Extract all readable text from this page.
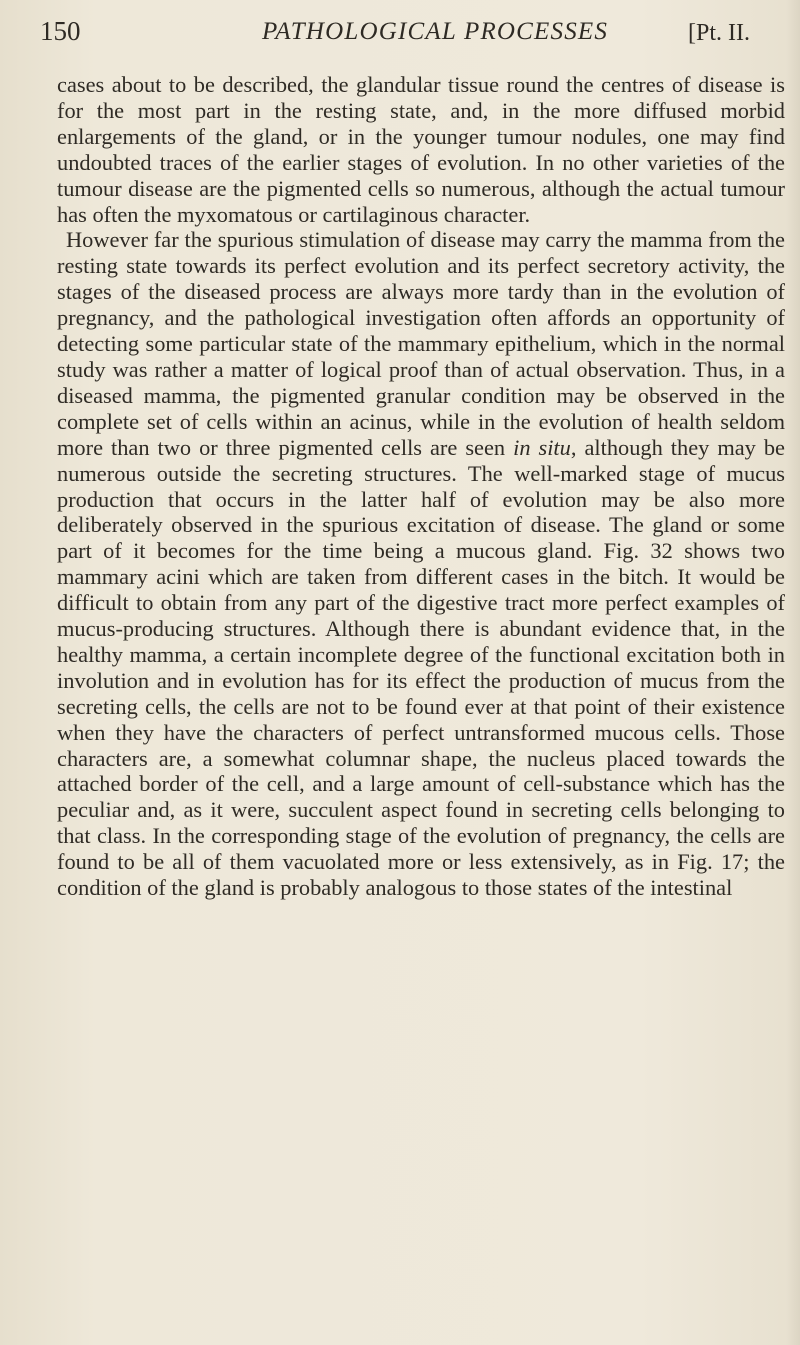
150	PATHOLOGICAL PROCESSES	[Pt. II.

cases about to be described, the glandular tissue round the centres of disease is for the most part in the resting state, and, in the more diffused morbid enlargements of the gland, or in the younger tumour nodules, one may find undoubted traces of the earlier stages of evolution. In no other varieties of the tumour disease are the pigmented cells so numerous, although the actual tumour has often the myxomatous or cartilaginous character.

However far the spurious stimulation of disease may carry the mamma from the resting state towards its perfect evolution and its perfect secretory activity, the stages of the diseased process are always more tardy than in the evolution of pregnancy, and the pathological investigation often affords an opportunity of detecting some particular state of the mammary epithelium, which in the normal study was rather a matter of logical proof than of actual observation. Thus, in a diseased mamma, the pigmented granular condition may be observed in the complete set of cells within an acinus, while in the evolution of health seldom more than two or three pigmented cells are seen in situ, although they may be numerous outside the secreting structures. The well-marked stage of mucus production that occurs in the latter half of evolution may be also more deliberately observed in the spurious excitation of disease. The gland or some part of it becomes for the time being a mucous gland. Fig. 32 shows two mammary acini which are taken from different cases in the bitch. It would be difficult to obtain from any part of the digestive tract more perfect examples of mucus-producing structures. Although there is abundant evidence that, in the healthy mamma, a certain incomplete degree of the functional excitation both in involution and in evolution has for its effect the production of mucus from the secreting cells, the cells are not to be found ever at that point of their existence when they have the characters of perfect untransformed mucous cells. Those characters are, a somewhat columnar shape, the nucleus placed towards the attached border of the cell, and a large amount of cell-substance which has the peculiar and, as it were, succulent aspect found in secreting cells belonging to that class. In the corresponding stage of the evolution of pregnancy, the cells are found to be all of them vacuolated more or less extensively, as in Fig. 17; the condition of the gland is probably analogous to those states of the intestinal
